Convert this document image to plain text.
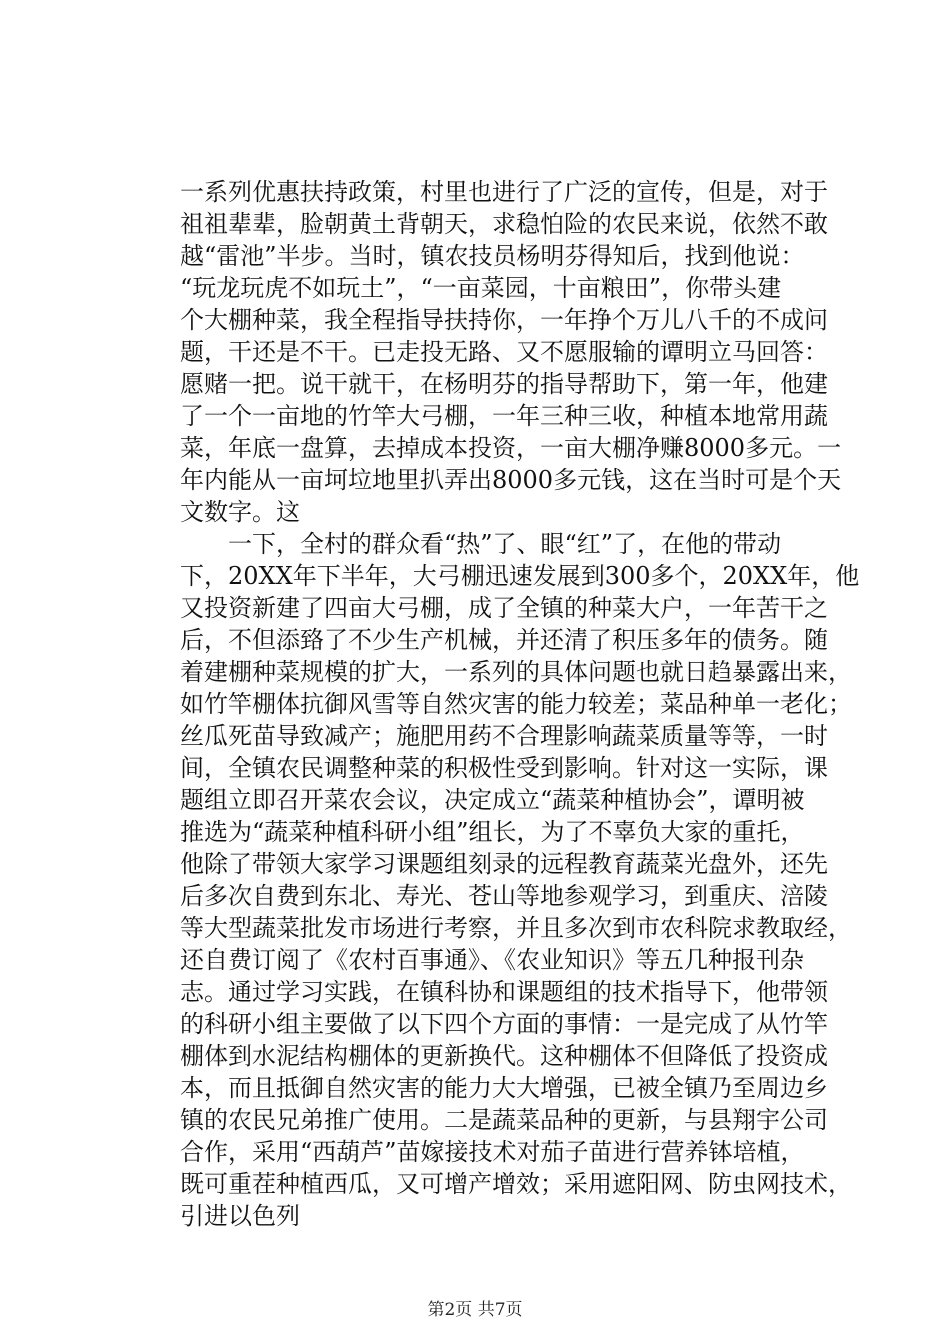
一系列优惠扶持政策，村里也进行了广泛的宣传，但是，对于
祖祖辈辈，脸朝黄土背朝天，求稳怕险的农民来说，依然不敢
越“雷池”半步。当时，镇农技员杨明芬得知后，找到他说：
“玩龙玩虎不如玩土”，“一亩菜园，十亩粮田”，你带头建
个大棚种菜，我全程指导扶持你，一年挣个万儿八千的不成问
题，干还是不干。已走投无路、又不愿服输的谭明立马回答：
愿赌一把。说干就干，在杨明芬的指导帮助下，第一年，他建
了一个一亩地的竹竿大弓棚，一年三种三收，种植本地常用蔬
菜，年底一盘算，去掉成本投资，一亩大棚净赚8000多元。一
年内能从一亩坷垃地里扒弄出8000多元钱，这在当时可是个天
文数字。这
　　一下，全村的群众看“热”了、眼“红”了，在他的带动
下，20XX年下半年，大弓棚迅速发展到300多个，20XX年，他
又投资新建了四亩大弓棚，成了全镇的种菜大户，一年苦干之
后，不但添臵了不少生产机械，并还清了积压多年的债务。随
着建棚种菜规模的扩大，一系列的具体问题也就日趋暴露出来，
如竹竿棚体抗御风雪等自然灾害的能力较差；菜品种单一老化；
丝瓜死苗导致减产；施肥用药不合理影响蔬菜质量等等，一时
间，全镇农民调整种菜的积极性受到影响。针对这一实际，课
题组立即召开菜农会议，决定成立“蔬菜种植协会”，谭明被
推选为“蔬菜种植科研小组”组长，为了不辜负大家的重托，
他除了带领大家学习课题组刻录的远程教育蔬菜光盘外，还先
后多次自费到东北、寿光、苍山等地参观学习，到重庆、涪陵
等大型蔬菜批发市场进行考察，并且多次到市农科院求教取经，
还自费订阅了《农村百事通》、《农业知识》等五几种报刊杂
志。通过学习实践，在镇科协和课题组的技术指导下，他带领
的科研小组主要做了以下四个方面的事情：一是完成了从竹竿
棚体到水泥结构棚体的更新换代。这种棚体不但降低了投资成
本，而且抵御自然灾害的能力大大增强，已被全镇乃至周边乡
镇的农民兄弟推广使用。二是蔬菜品种的更新，与县翔宇公司
合作，采用“西葫芦”苗嫁接技术对茄子苗进行营养钵培植，
既可重茬种植西瓜，又可增产增效；采用遮阳网、防虫网技术，
引进以色列
第2页 共7页
